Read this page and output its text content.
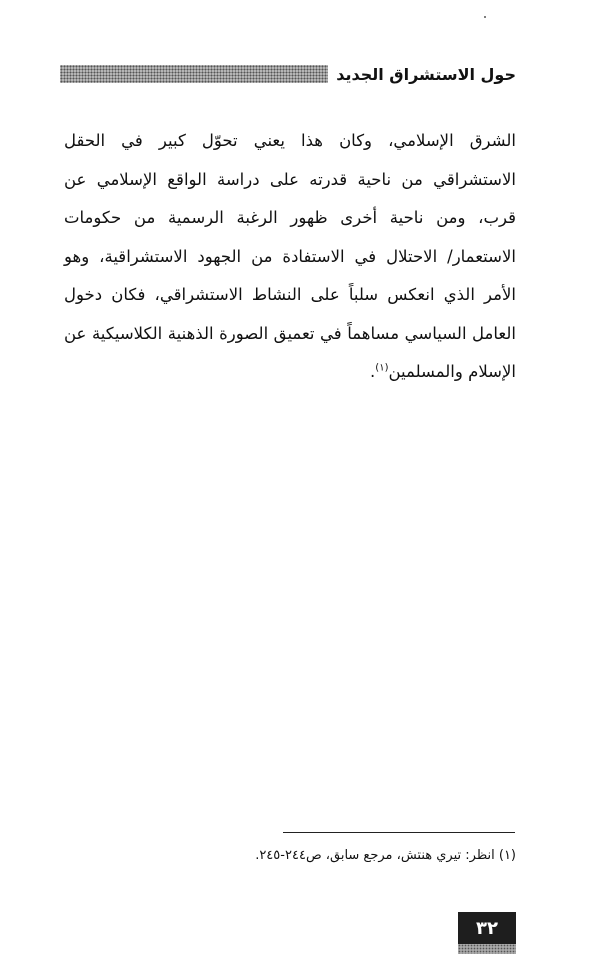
حول الاستشراق الجديد

الشرق الإسلامي، وكان هذا يعني تحوّل كبير في الحقل الاستشراقي من ناحية قدرته على دراسة الواقع الإسلامي عن قرب، ومن ناحية أخرى ظهور الرغبة الرسمية من حكومات الاستعمار/ الاحتلال في الاستفادة من الجهود الاستشراقية، وهو الأمر الذي انعكس سلباً على النشاط الاستشراقي، فكان دخول العامل السياسي مساهماً في تعميق الصورة الذهنية الكلاسيكية عن الإسلام والمسلمين$^{(١)}$.

(١) انظر: تيري هنتش، مرجع سابق، ص٢٤٤-٢٤٥.

٣٢
